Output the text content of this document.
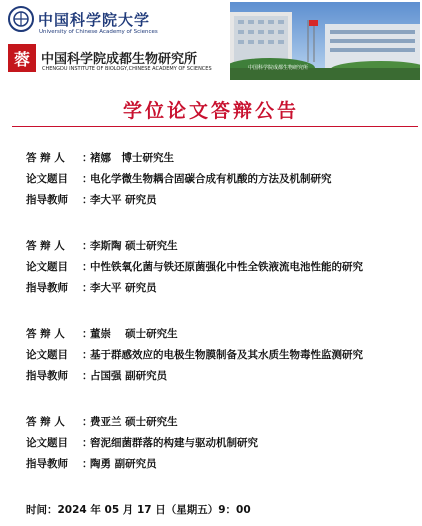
中国科学院大学
University of Chinese Academy of Sciences
蓉 中国科学院成都生物研究所
CHENGDU INSTITUTE OF BIOLOGY,CHINESE ACADEMY OF SCIENCES	中国科学院成都生物研究所
学位论文答辩公告
答 辩 人 ：褚娜　博士研究生
论文题目 ：电化学微生物耦合固碳合成有机酸的方法及机制研究
指导教师 ：李大平 研究员
答 辩 人 ：李斯陶 硕士研究生
论文题目 ：中性铁氧化菌与铁还原菌强化中性全铁液流电池性能的研究
指导教师 ：李大平 研究员
答 辩 人 ：董崇　 硕士研究生
论文题目 ：基于群感效应的电极生物膜制备及其水质生物毒性监测研究
指导教师 ：占国强 副研究员
答 辩 人 ：费亚兰 硕士研究生
论文题目 ：窖泥细菌群落的构建与驱动机制研究
指导教师 ：陶勇 副研究员
时间：2024 年 05 月 17 日（星期五）9：00
